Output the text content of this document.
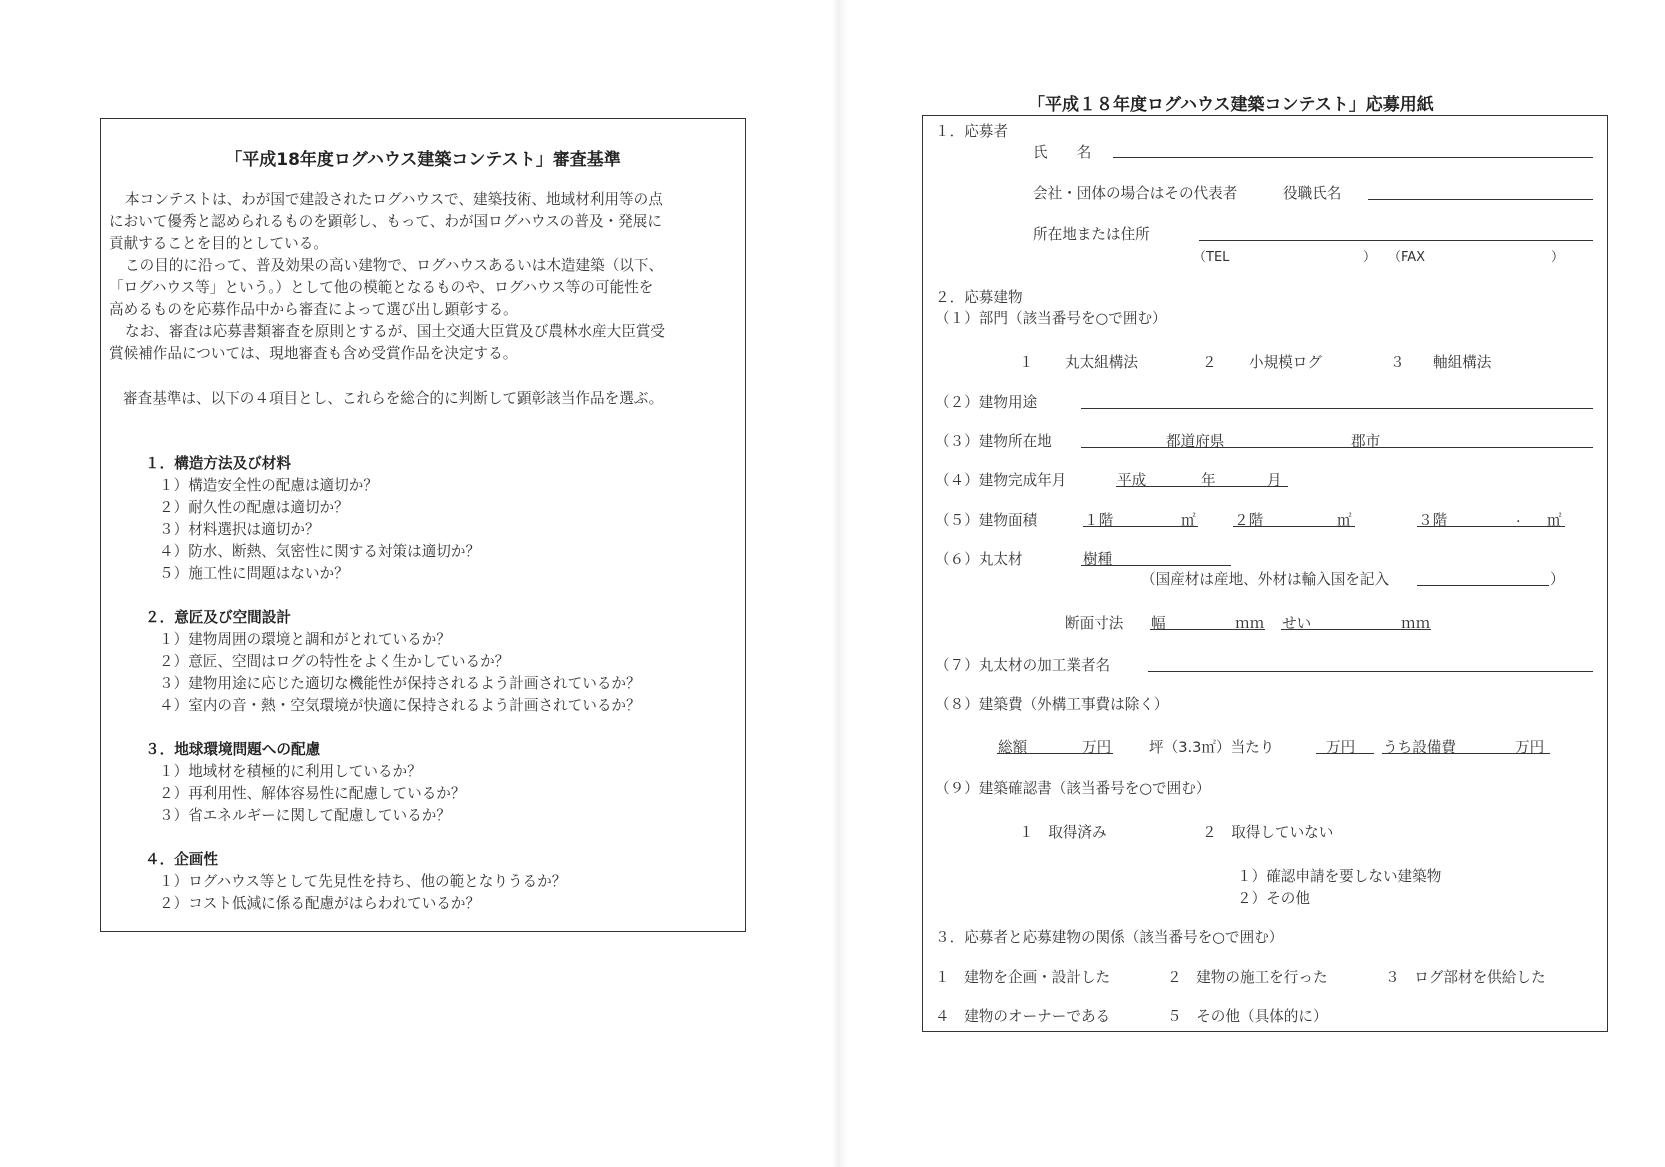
「平成18年度ログハウス建築コンテスト」審査基準

本コンテストは、わが国で建設されたログハウスで、建築技術、地域材利用等の点

において優秀と認められるものを顕彰し、もって、わが国ログハウスの普及・発展に

貢献することを目的としている。

この目的に沿って、普及効果の高い建物で、ログハウスあるいは木造建築（以下、

「ログハウス等」という。）として他の模範となるものや、ログハウス等の可能性を

高めるものを応募作品中から審査によって選び出し顕彰する。

なお、審査は応募書類審査を原則とするが、国土交通大臣賞及び農林水産大臣賞受

賞候補作品については、現地審査も含め受賞作品を決定する。

審査基準は、以下の４項目とし、これらを総合的に判断して顕彰該当作品を選ぶ。
１．構造方法及び材料
１）構造安全性の配慮は適切か？
２）耐久性の配慮は適切か？
３）材料選択は適切か？
４）防水、断熱、気密性に関する対策は適切か？
５）施工性に問題はないか？
２．意匠及び空間設計
１）建物周囲の環境と調和がとれているか？
２）意匠、空間はログの特性をよく生かしているか？
３）建物用途に応じた適切な機能性が保持されるよう計画されているか？
４）室内の音・熱・空気環境が快適に保持されるよう計画されているか？
３．地球環境問題への配慮
１）地域材を積極的に利用しているか？
２）再利用性、解体容易性に配慮しているか？
３）省エネルギーに関して配慮しているか？
４．企画性
１）ログハウス等として先見性を持ち、他の範となりうるか？
２）コスト低減に係る配慮がはらわれているか？
「平成１８年度ログハウス建築コンテスト」応募用紙
１．応募者
氏　　名
会社・団体の場合はその代表者	役職氏名
所在地または住所
（TEL	） （FAX	）
２．応募建物
（１）部門（該当番号を○で囲む）
１ 丸太組構法	２ 小規模ログ	３ 軸組構法
（２）建物用途
（３）建物所在地	都道府県	郡市
（４）建物完成年月	平成	年	月
（５）建物面積	１階	㎡	２階	㎡	３階	. ㎡
（６）丸太材	樹種
（国産材は産地、外材は輸入国を記入	）
断面寸法 幅	ｍｍ せい	ｍｍ
（７）丸太材の加工業者名
（８）建築費（外構工事費は除く）
総額	万円	坪（3.3㎡）当たり	万円 うち設備費	万円
（９）建築確認書（該当番号を○で囲む）
１　取得済み	２　取得していない
１）確認申請を要しない建築物
２）その他
３．応募者と応募建物の関係（該当番号を○で囲む）
１　建物を企画・設計した	２　建物の施工を行った	３　ログ部材を供給した
４　建物のオーナーである	５　その他（具体的に）
